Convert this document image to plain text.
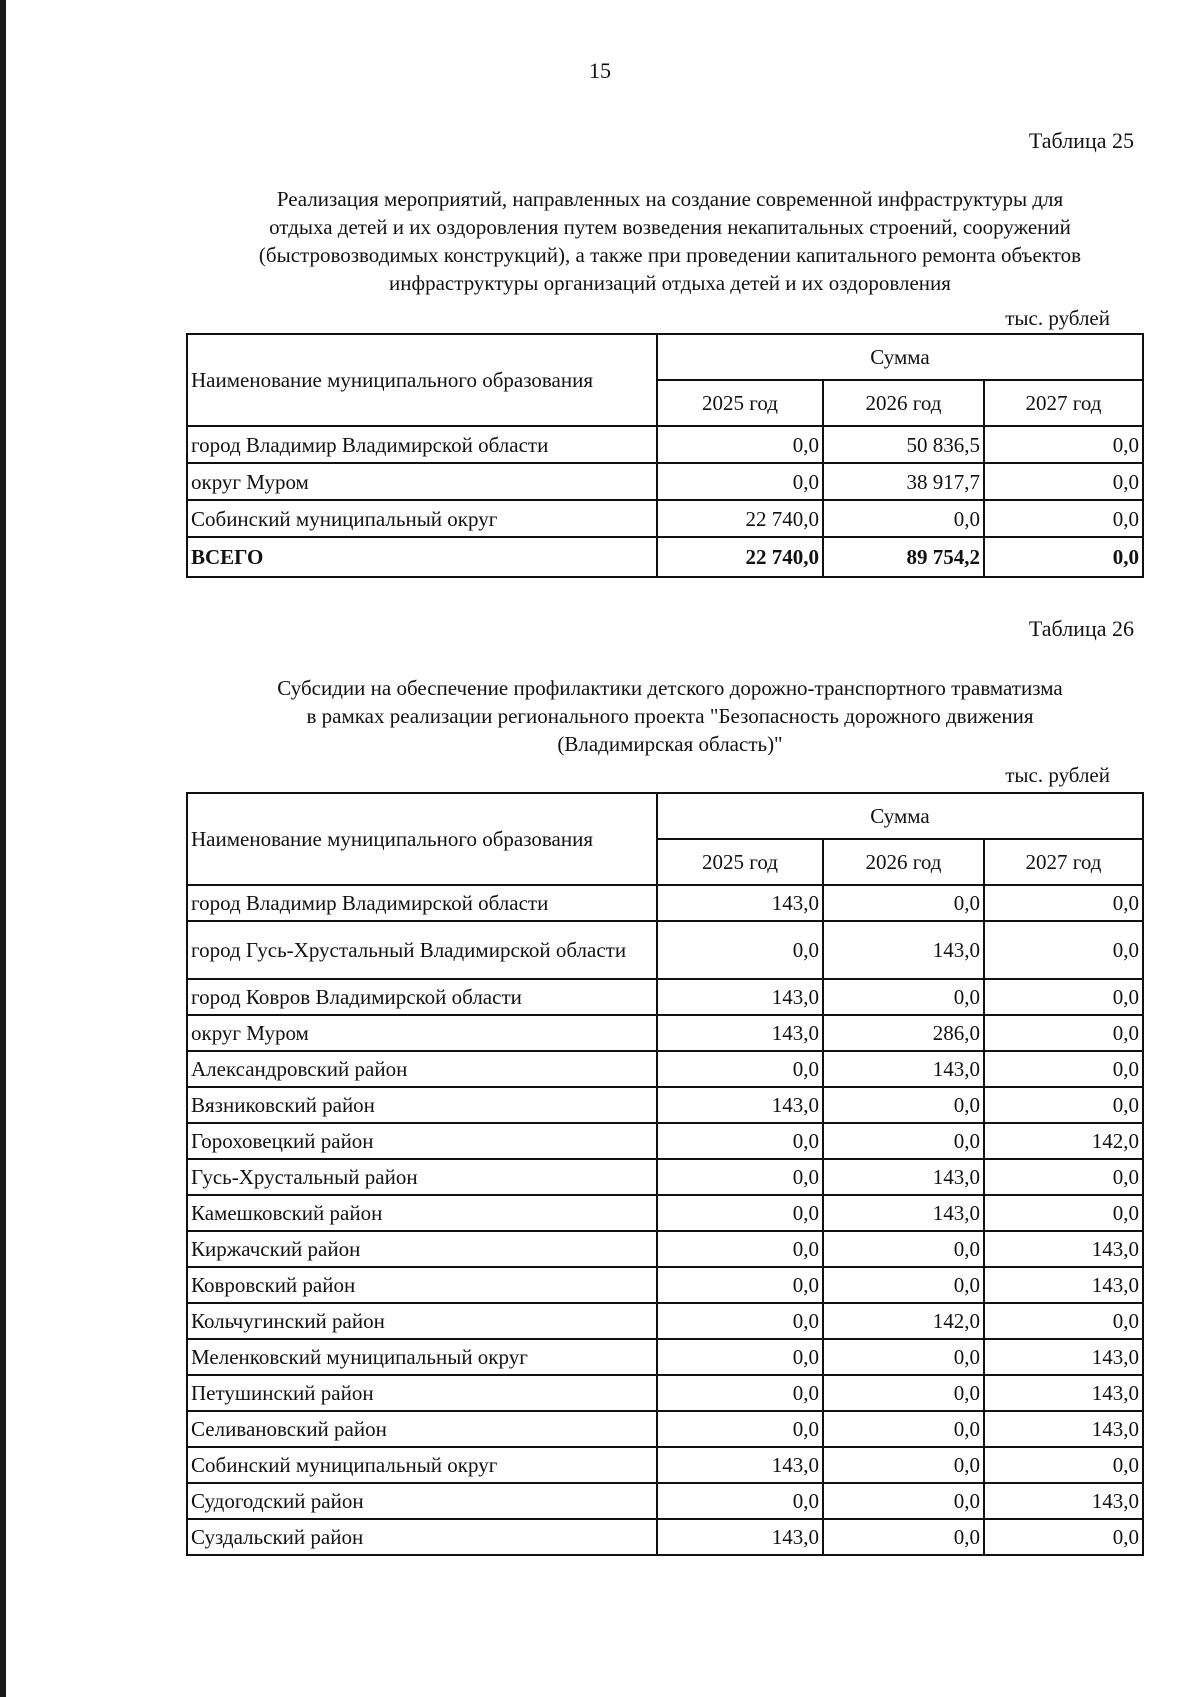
15
Таблица 25
Реализация мероприятий, направленных на создание современной инфраструктуры для
отдыха детей и их оздоровления путем возведения некапитальных строений, сооружений
(быстровозводимых конструкций), а также при проведении капитального ремонта объектов
инфраструктуры организаций отдыха детей и их оздоровления
тыс. рублей
Наименование муниципального образования	Сумма		
	2025 год	2026 год	2027 год
город Владимир Владимирской области	0,0	50 836,5	0,0
округ Муром	0,0	38 917,7	0,0
Собинский муниципальный округ	22 740,0	0,0	0,0
ВСЕГО	22 740,0	89 754,2	0,0
Таблица 26
Субсидии на обеспечение профилактики детского дорожно-транспортного травматизма
в рамках реализации регионального проекта "Безопасность дорожного движения
(Владимирская область)"
тыс. рублей
Наименование муниципального образования	Сумма		
	2025 год	2026 год	2027 год
город Владимир Владимирской области	143,0	0,0	0,0
город Гусь-Хрустальный Владимирской области	0,0	143,0	0,0
город Ковров Владимирской области	143,0	0,0	0,0
округ Муром	143,0	286,0	0,0
Александровский район	0,0	143,0	0,0
Вязниковский район	143,0	0,0	0,0
Гороховецкий район	0,0	0,0	142,0
Гусь-Хрустальный район	0,0	143,0	0,0
Камешковский район	0,0	143,0	0,0
Киржачский район	0,0	0,0	143,0
Ковровский район	0,0	0,0	143,0
Кольчугинский район	0,0	142,0	0,0
Меленковский муниципальный округ	0,0	0,0	143,0
Петушинский район	0,0	0,0	143,0
Селивановский район	0,0	0,0	143,0
Собинский муниципальный округ	143,0	0,0	0,0
Судогодский район	0,0	0,0	143,0
Суздальский район	143,0	0,0	0,0
